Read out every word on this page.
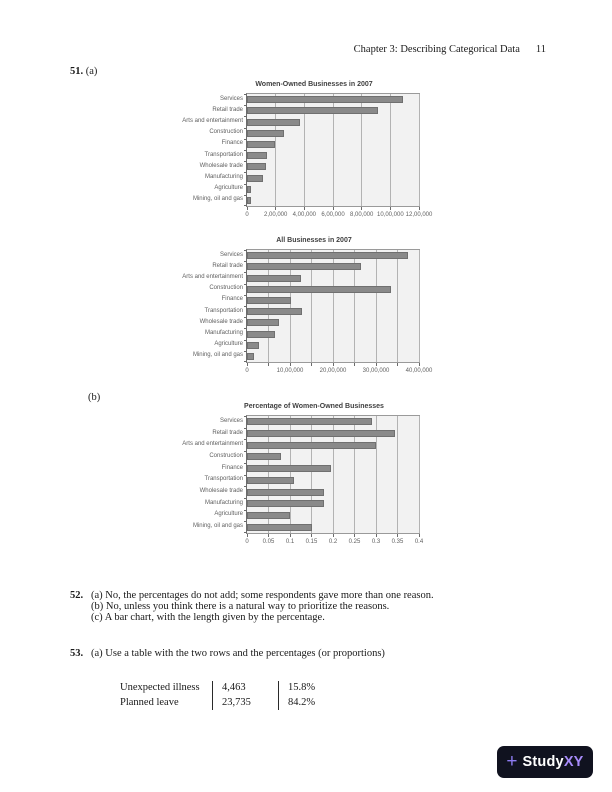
Chapter 3: Describing Categorical Data 11
51. (a)
Women-Owned Businesses in 2007
Services
Retail trade
Arts and entertainment
Construction
Finance
Transportation
Wholesale trade
Manufacturing
Agriculture
Mining, oil and gas
0	2,00,000 4,00,000 6,00,000 8,00,000 10,00,000 12,00,000
All Businesses in 2007
Services
Retail trade
Arts and entertainment
Construction
Finance
Transportation
Wholesale trade
Manufacturing
Agriculture
Mining, oil and gas
0	10,00,000	20,00,000	30,00,000	40,00,000
(b)
Percentage of Women-Owned Businesses
Services
Retail trade
Arts and entertainment
Construction
Finance
Transportation
Wholesale trade
Manufacturing
Agriculture
Mining, oil and gas
0 0.05 0.1 0.15 0.2 0.25 0.3 0.35 0.4
52. (a) No, the percentages do not add; some respondents gave more than one reason.
(b) No, unless you think there is a natural way to prioritize the reasons.
(c) A bar chart, with the length given by the percentage.
53. (a) Use a table with the two rows and the percentages (or proportions)
Unexpected illness	4,463	15.8%
Planned leave	23,735	84.2%
+ StudyXY
